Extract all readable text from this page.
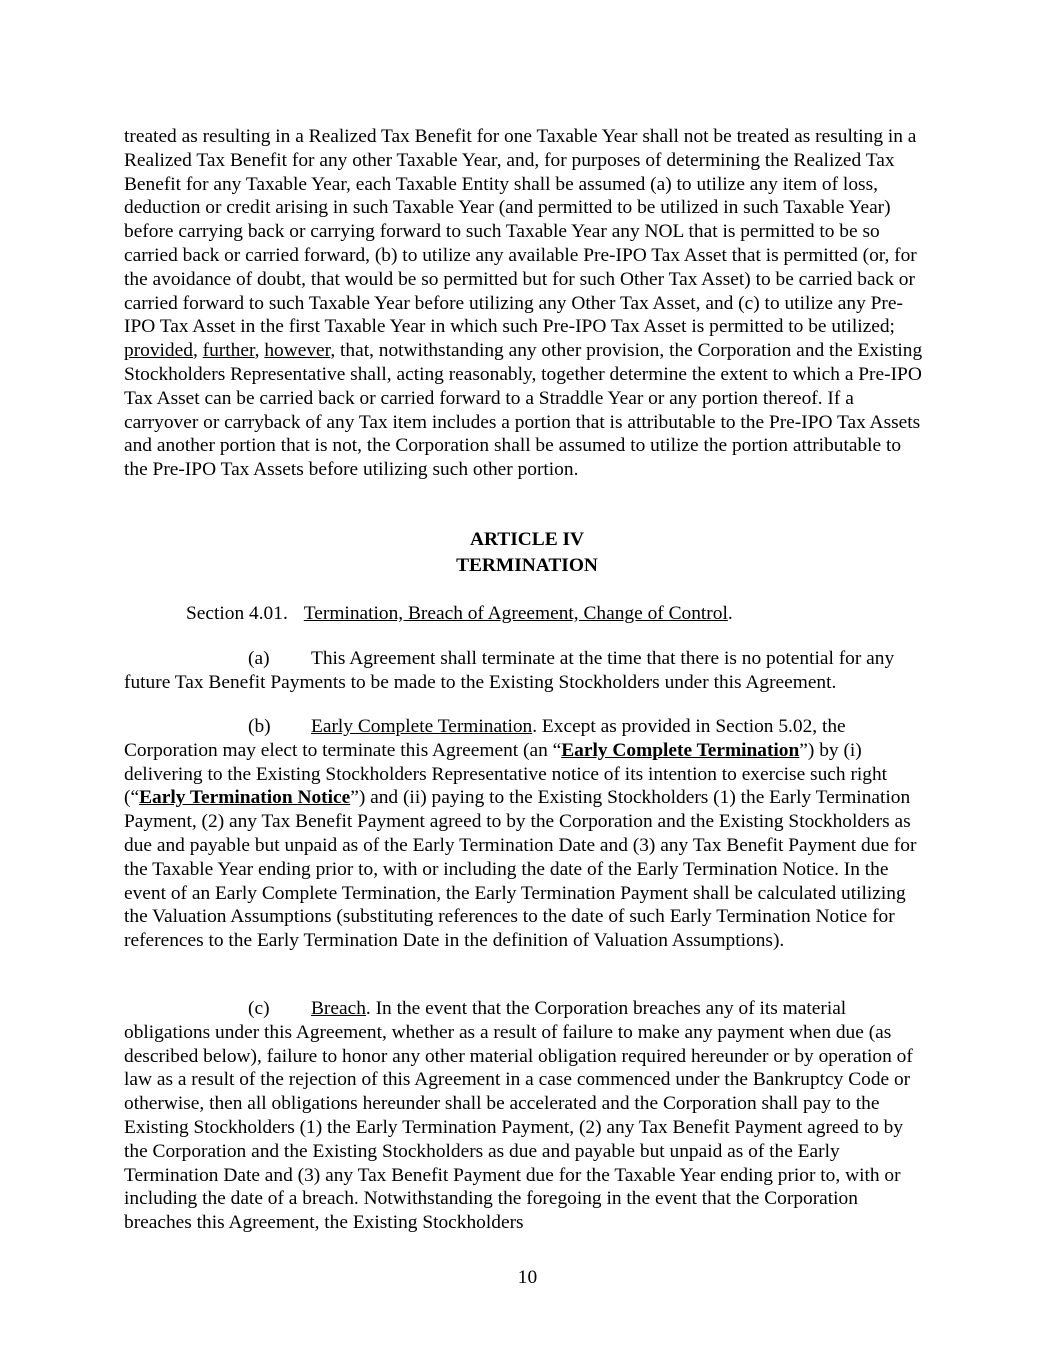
treated as resulting in a Realized Tax Benefit for one Taxable Year shall not be treated as resulting in a Realized Tax Benefit for any other Taxable Year, and, for purposes of determining the Realized Tax Benefit for any Taxable Year, each Taxable Entity shall be assumed (a) to utilize any item of loss, deduction or credit arising in such Taxable Year (and permitted to be utilized in such Taxable Year) before carrying back or carrying forward to such Taxable Year any NOL that is permitted to be so carried back or carried forward, (b) to utilize any available Pre-IPO Tax Asset that is permitted (or, for the avoidance of doubt, that would be so permitted but for such Other Tax Asset) to be carried back or carried forward to such Taxable Year before utilizing any Other Tax Asset, and (c) to utilize any Pre-IPO Tax Asset in the first Taxable Year in which such Pre-IPO Tax Asset is permitted to be utilized; provided, further, however, that, notwithstanding any other provision, the Corporation and the Existing Stockholders Representative shall, acting reasonably, together determine the extent to which a Pre-IPO Tax Asset can be carried back or carried forward to a Straddle Year or any portion thereof. If a carryover or carryback of any Tax item includes a portion that is attributable to the Pre-IPO Tax Assets and another portion that is not, the Corporation shall be assumed to utilize the portion attributable to the Pre-IPO Tax Assets before utilizing such other portion.

ARTICLE IV

TERMINATION

Section 4.01. Termination, Breach of Agreement, Change of Control.

(a) This Agreement shall terminate at the time that there is no potential for any future Tax Benefit Payments to be made to the Existing Stockholders under this Agreement.

(b) Early Complete Termination. Except as provided in Section 5.02, the Corporation may elect to terminate this Agreement (an “Early Complete Termination”) by (i) delivering to the Existing Stockholders Representative notice of its intention to exercise such right (“Early Termination Notice”) and (ii) paying to the Existing Stockholders (1) the Early Termination Payment, (2) any Tax Benefit Payment agreed to by the Corporation and the Existing Stockholders as due and payable but unpaid as of the Early Termination Date and (3) any Tax Benefit Payment due for the Taxable Year ending prior to, with or including the date of the Early Termination Notice. In the event of an Early Complete Termination, the Early Termination Payment shall be calculated utilizing the Valuation Assumptions (substituting references to the date of such Early Termination Notice for references to the Early Termination Date in the definition of Valuation Assumptions).

(c) Breach. In the event that the Corporation breaches any of its material obligations under this Agreement, whether as a result of failure to make any payment when due (as described below), failure to honor any other material obligation required hereunder or by operation of law as a result of the rejection of this Agreement in a case commenced under the Bankruptcy Code or otherwise, then all obligations hereunder shall be accelerated and the Corporation shall pay to the Existing Stockholders (1) the Early Termination Payment, (2) any Tax Benefit Payment agreed to by the Corporation and the Existing Stockholders as due and payable but unpaid as of the Early Termination Date and (3) any Tax Benefit Payment due for the Taxable Year ending prior to, with or including the date of a breach. Notwithstanding the foregoing in the event that the Corporation breaches this Agreement, the Existing Stockholders

10
